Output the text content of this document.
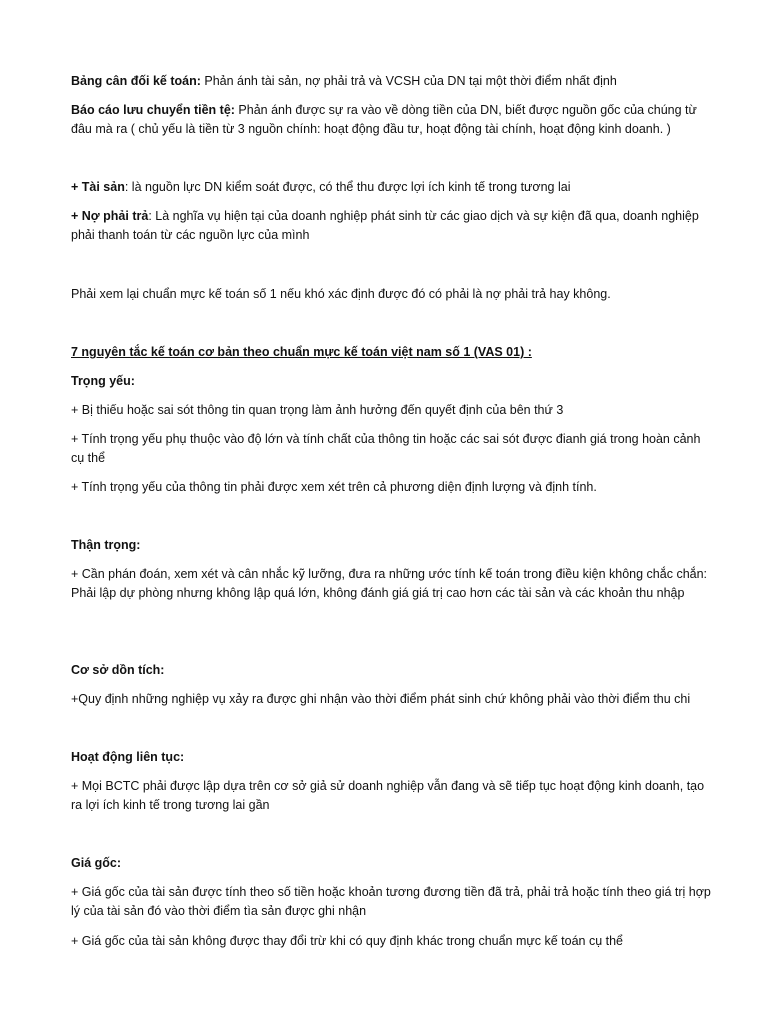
Bảng cân đối kế toán: Phản ánh tài sản, nợ phải trả và VCSH của DN tại một thời điểm nhất định

Báo cáo lưu chuyển tiền tệ: Phản ánh được sự ra vào về dòng tiền của DN, biết được nguồn gốc của chúng từ đâu mà ra ( chủ yếu là tiền từ 3 nguồn chính: hoạt động đầu tư, hoạt động tài chính, hoạt động kinh doanh. )

+ Tài sản: là nguồn lực DN kiểm soát được, có thể thu được lợi ích kinh tế trong tương lai

+ Nợ phải trả: Là nghĩa vụ hiện tại của doanh nghiệp phát sinh từ các giao dịch và sự kiện đã qua, doanh nghiệp phải thanh toán từ các nguồn lực của mình

Phải xem lại chuẩn mực kế toán số 1 nếu khó xác định được đó có phải là nợ phải trả hay không.

7 nguyên tắc kế toán cơ bản theo chuẩn mực kế toán việt nam số 1 (VAS 01) :

Trọng yếu:

+ Bị thiếu hoặc sai sót thông tin quan trọng làm ảnh hưởng đến quyết định của bên thứ 3

+ Tính trọng yếu phụ thuộc vào độ lớn và tính chất của thông tin hoặc các sai sót được đianh giá trong hoàn cảnh cụ thể

+ Tính trọng yếu của thông tin phải được xem xét trên cả phương diện định lượng và định tính.

Thận trọng:

+ Cần phán đoán, xem xét và cân nhắc kỹ lưỡng, đưa ra những ước tính kế toán trong điều kiện không chắc chắn: Phải lập dự phòng nhưng không lập quá lớn, không đánh giá giá trị cao hơn các tài sản và các khoản thu nhập

Cơ sở dồn tích:

+Quy định những nghiệp vụ xảy ra được ghi nhận vào thời điểm phát sinh chứ không phải vào thời điểm thu chi

Hoạt động liên tục:

+ Mọi BCTC phải được lập dựa trên cơ sở giả sử doanh nghiệp vẫn đang và sẽ tiếp tục hoạt động kinh doanh, tạo ra lợi ích kinh tế trong tương lai gần

Giá gốc:

+ Giá gốc của tài sản được tính theo số tiền hoặc khoản tương đương tiền đã trả, phải trả hoặc tính theo giá trị hợp lý của tài sản đó vào thời điểm tìa sản được ghi nhận

+ Giá gốc của tài sản không được thay đổi trừ khi có quy định khác trong chuẩn mực kế toán cụ thể
